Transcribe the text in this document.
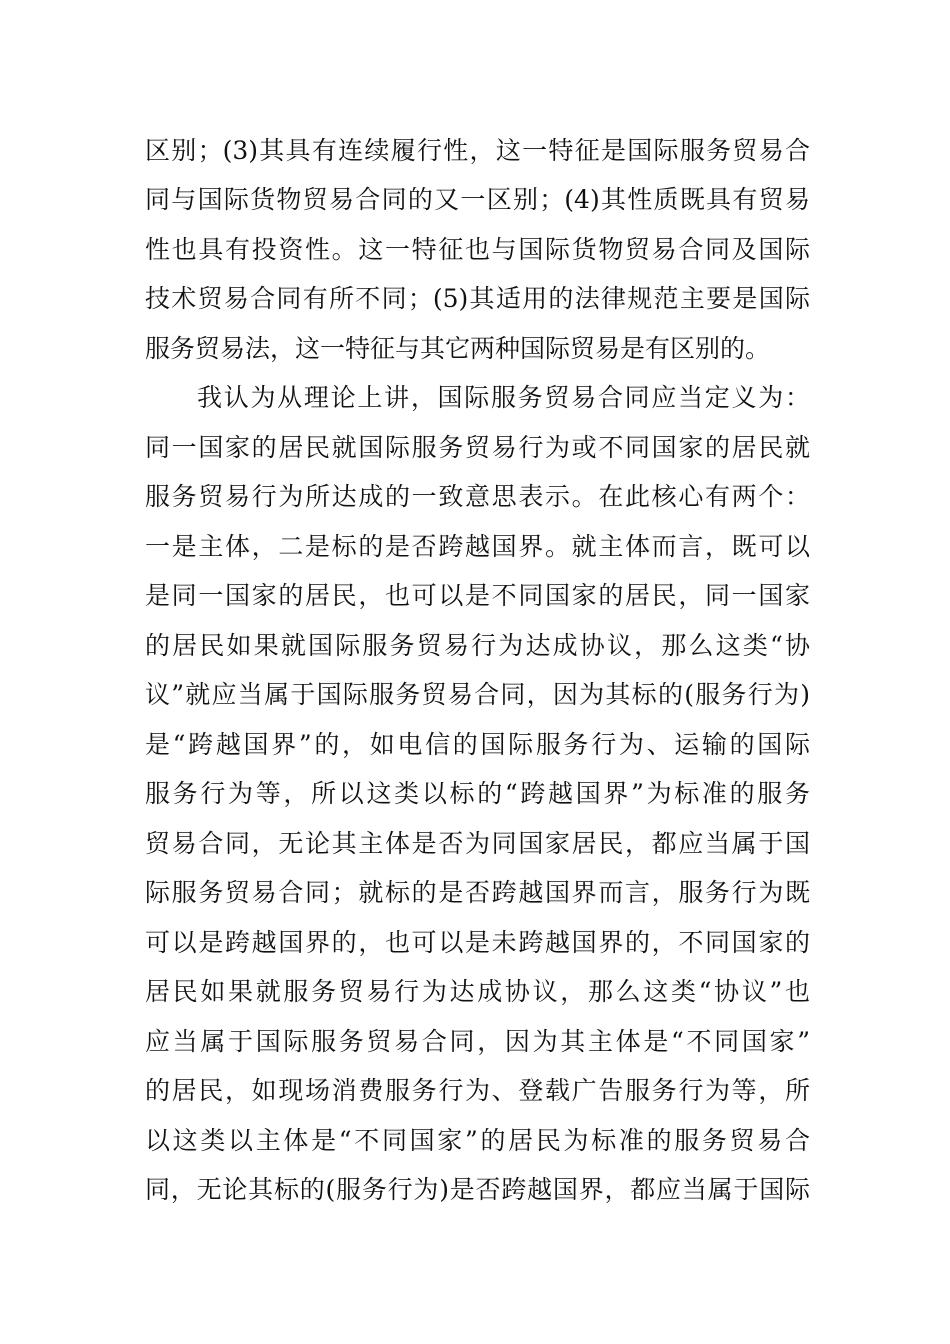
区别；(3)其具有连续履行性，这一特征是国际服务贸易合
同与国际货物贸易合同的又一区别；(4)其性质既具有贸易
性也具有投资性。这一特征也与国际货物贸易合同及国际
技术贸易合同有所不同；(5)其适用的法律规范主要是国际
服务贸易法，这一特征与其它两种国际贸易是有区别的。
我认为从理论上讲，国际服务贸易合同应当定义为：
同一国家的居民就国际服务贸易行为或不同国家的居民就
服务贸易行为所达成的一致意思表示。在此核心有两个：
一是主体，二是标的是否跨越国界。就主体而言，既可以
是同一国家的居民，也可以是不同国家的居民，同一国家
的居民如果就国际服务贸易行为达成协议，那么这类“协
议”就应当属于国际服务贸易合同，因为其标的(服务行为)
是“跨越国界”的，如电信的国际服务行为、运输的国际
服务行为等，所以这类以标的“跨越国界”为标准的服务
贸易合同，无论其主体是否为同国家居民，都应当属于国
际服务贸易合同；就标的是否跨越国界而言，服务行为既
可以是跨越国界的，也可以是未跨越国界的，不同国家的
居民如果就服务贸易行为达成协议，那么这类“协议”也
应当属于国际服务贸易合同，因为其主体是“不同国家”
的居民，如现场消费服务行为、登载广告服务行为等，所
以这类以主体是“不同国家”的居民为标准的服务贸易合
同，无论其标的(服务行为)是否跨越国界，都应当属于国际
